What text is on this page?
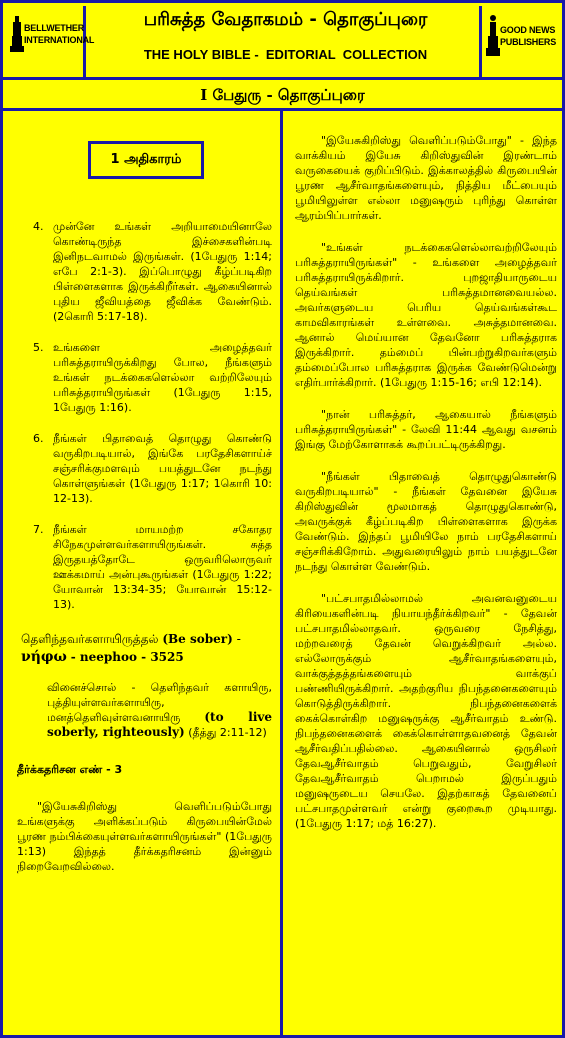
BELLWETHER
INTERNATIONAL
பரிசுத்த வேதாகமம் - தொகுப்புரை
THE HOLY BIBLE -  EDITORIAL  COLLECTION
GOOD NEWS
PUBLISHERS
I பேதுரு - தொகுப்புரை
1 அதிகாரம்
4. முன்னே உங்கள் அறியாமையினாலே கொண்டிருந்த இச்சைகளின்படி இனிநடவாமல் இருங்கள். (1பேதுரு 1:14; எபே 2:1-3). இப்பொழுது கீழ்ப்படிகிற பிள்ளைகளாக இருக்கிறீர்கள். ஆகையினால் புதிய ஜீவியத்தை ஜீவிக்க வேண்டும். (2கொரி 5:17-18).

5. உங்களை அழைத்தவர் பரிசுத்தராயிருக்கிறது போல, நீங்களும் உங்கள் நடக்கைகளெல்லா வற்றிலேயும் பரிசுத்தராயிருங்கள் (1பேதுரு 1:15, 1பேதுரு 1:16).

6. நீங்கள் பிதாவைத் தொழுது கொண்டு வருகிறபடியால், இங்கே பரதேசிகளாய்ச் சஞ்சரிக்குமளவும் பயத்துடனே நடந்து கொள்ளுங்கள் (1பேதுரு 1:17; 1கொரி 10: 12-13).

7. நீங்கள் மாயமற்ற சகோதர சிநேகமுள்ளவர்களாயிருங்கள். சுத்த இருதயத்தோடே ஒருவரிலொருவர் ஊக்கமாய் அன்புகூருங்கள் (1பேதுரு 1:22; யோவான் 13:34-35; யோவான் 15:12-13).

தெளிந்தவர்களாயிருத்தல் (Be sober) -
νήφω - neephoo - 3525

வினைச்சொல் - தெளிந்தவர் களாயிரு, புத்தியுள்ளவர்களாயிரு, மனத்தெளிவுள்ளவனாயிரு (to live soberly, righteously) (தீத்து 2:11-12)

தீர்க்கதரிசன எண் - 3

"இயேசுகிறிஸ்து வெளிப்படும்போது உங்களுக்கு அளிக்கப்படும் கிருபையின்மேல் பூரண நம்பிக்கையுள்ளவர்களாயிருங்கள்" (1பேதுரு 1:13) இந்தத் தீர்க்கதரிசனம் இன்னும் நிறைவேறவில்லை.

"இயேசுகிறிஸ்து வெளிப்படும்போது" - இந்த வாக்கியம் இயேசு கிறிஸ்துவின் இரண்டாம் வருகையைக் குறிப்பிடும். இக்காலத்தில் கிருபையின் பூரண ஆசீர்வாதங்களையும், நித்திய மீட்பையும் பூமியிலுள்ள எல்லா மனுஷரும் புரிந்து கொள்ள ஆரம்பிப்பார்கள்.

"உங்கள் நடக்கைகளெல்லாவற்றிலேயும் பரிசுத்தராயிருங்கள்" - உங்களை அழைத்தவர் பரிசுத்தராயிருக்கிறார். புறஜாதியாருடைய தெய்வங்கள் பரிசுத்தமானவையல்ல. அவர்களுடைய பெரிய தெய்வங்கள்கூட காமவிகாரங்கள் உள்ளவை. அசுத்தமானவை. ஆனால் மெய்யான தேவனோ பரிசுத்தராக இருக்கிறார். தம்மைப் பின்பற்றுகிறவர்களும் தம்மைப்போல பரிசுத்தராக இருக்க வேண்டுமென்று எதிர்பார்க்கிறார். (1பேதுரு 1:15-16; எபி 12:14).

"நான் பரிசுத்தர், ஆகையால் நீங்களும் பரிசுத்தராயிருங்கள்" - லேவி 11:44 ஆவது வசனம் இங்கு மேற்கோளாகக் கூறப்பட்டிருக்கிறது.

"நீங்கள் பிதாவைத் தொழுதுகொண்டு வருகிறபடியால்" - நீங்கள் தேவனை இயேசு கிறிஸ்துவின் மூலமாகத் தொழுதுகொண்டு, அவருக்குக் கீழ்ப்படிகிற பிள்ளைகளாக இருக்க வேண்டும். இந்தப் பூமியிலே நாம் பரதேசிகளாய் சஞ்சரிக்கிறோம். அதுவரையிலும் நாம் பயத்துடனே நடந்து கொள்ள வேண்டும்.

"பட்சபாதமில்லாமல் அவனவனுடைய கிரியைகளின்படி நியாயந்தீர்க்கிறவர்" - தேவன் பட்சபாதமில்லாதவர். ஒருவரை நேசித்து, மற்றவரைத் தேவன் வெறுக்கிறவர் அல்ல. எல்லோருக்கும் ஆசீர்வாதங்களையும், வாக்குத்தத்தங்களையும் வாக்குப் பண்ணியிருக்கிறார். அதற்குரிய நிபந்தனைகளையும் கொடுத்திருக்கிறார். நிபந்தனைகளைக் கைக்கொள்கிற மனுஷருக்கு ஆசீர்வாதம் உண்டு. நிபந்தனைகளைக் கைக்கொள்ளாதவனைத் தேவன் ஆசீர்வதிப்பதில்லை. ஆகையினால் ஒருசிலர் தேவஆசீர்வாதம் பெறுவதும், வேறுசிலர் தேவஆசீர்வாதம் பெறாமல் இருப்பதும் மனுஷருடைய செயலே. இதற்காகத் தேவனைப் பட்சபாதமுள்ளவர் என்று குறைகூற முடியாது. (1பேதுரு 1:17; மத் 16:27).
